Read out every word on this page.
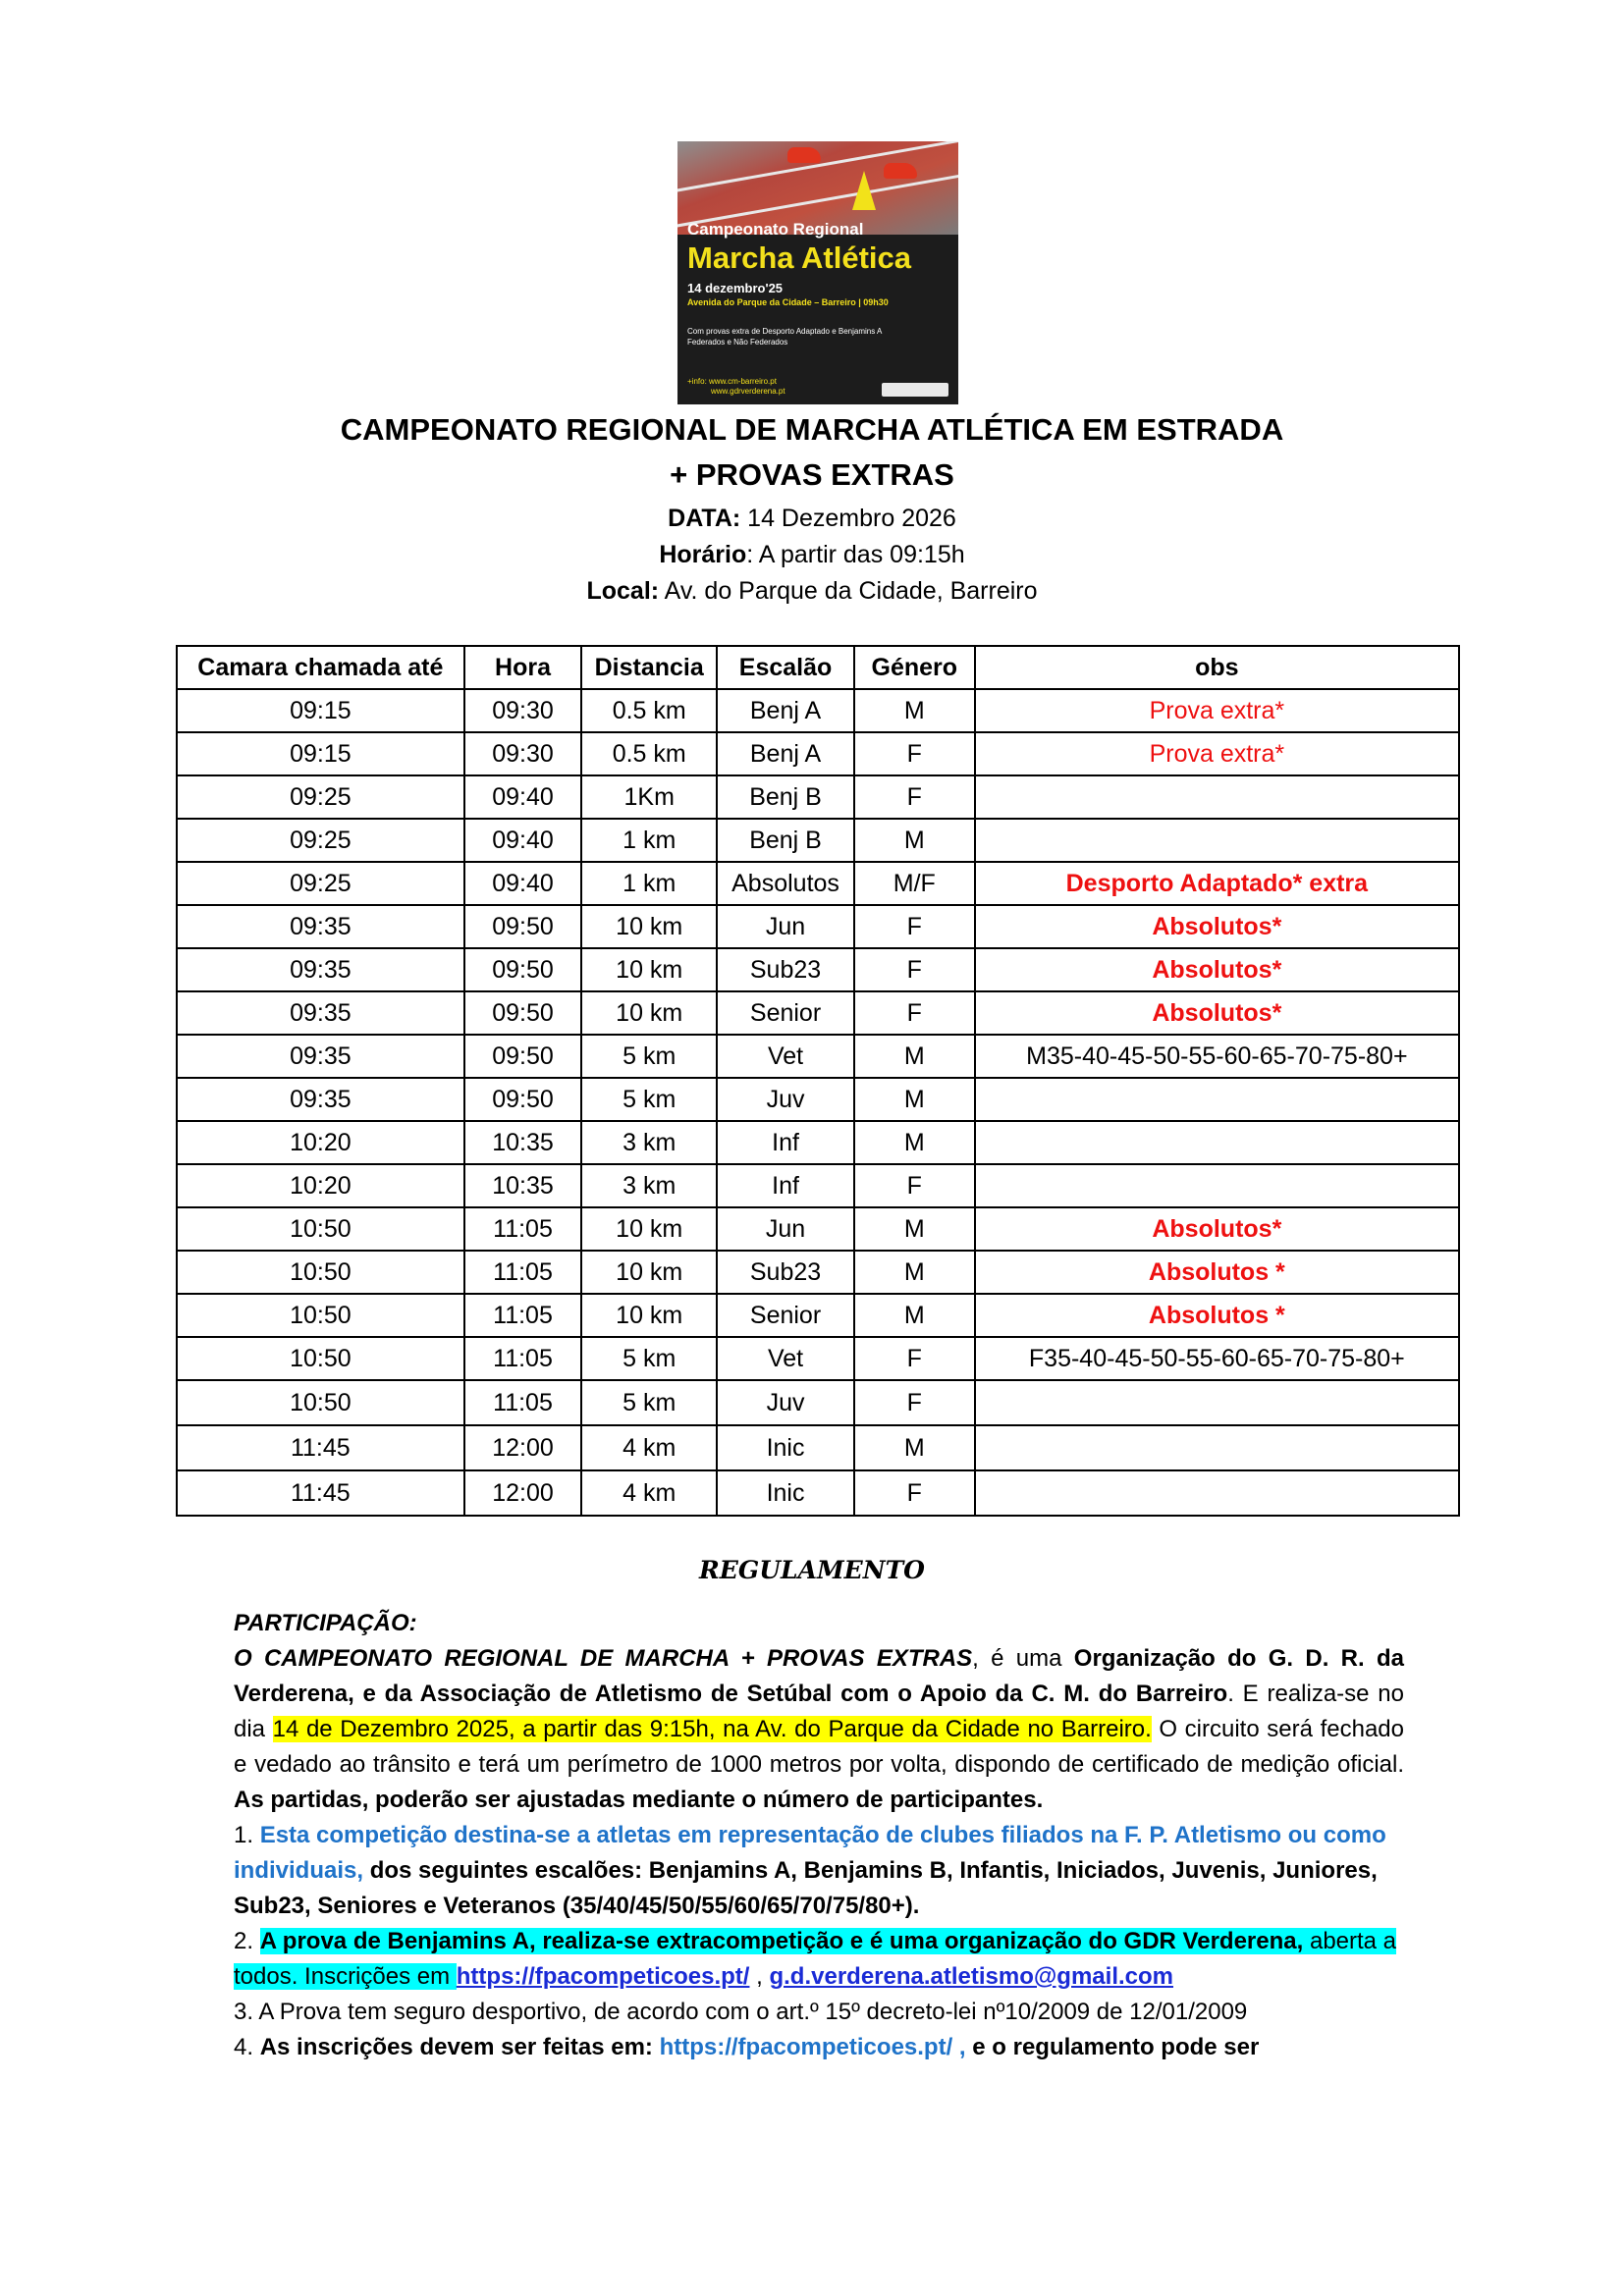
Campeonato Regional
Marcha Atlética
14 dezembro'25
Avenida do Parque da Cidade – Barreiro | 09h30
Com provas extra de Desporto Adaptado e Benjamins A Federados e Não Federados
+info: www.cm-barreiro.pt
www.gdrverderena.pt
CAMPEONATO REGIONAL DE MARCHA ATLÉTICA EM ESTRADA
+ PROVAS EXTRAS
DATA: 14 Dezembro 2026
Horário: A partir das 09:15h
Local: Av. do Parque da Cidade, Barreiro
Camara chamada até	Hora	Distancia	Escalão	Género	obs
09:15	09:30	0.5 km	Benj A	M	Prova extra*
09:15	09:30	0.5 km	Benj A	F	Prova extra*
09:25	09:40	1Km	Benj B	F	
09:25	09:40	1 km	Benj B	M	
09:25	09:40	1 km	Absolutos	M/F	Desporto Adaptado* extra
09:35	09:50	10 km	Jun	F	Absolutos*
09:35	09:50	10 km	Sub23	F	Absolutos*
09:35	09:50	10 km	Senior	F	Absolutos*
09:35	09:50	5 km	Vet	M	M35-40-45-50-55-60-65-70-75-80+
09:35	09:50	5 km	Juv	M	
10:20	10:35	3 km	Inf	M	
10:20	10:35	3 km	Inf	F	
10:50	11:05	10 km	Jun	M	Absolutos*
10:50	11:05	10 km	Sub23	M	Absolutos *
10:50	11:05	10 km	Senior	M	Absolutos *
10:50	11:05	5 km	Vet	F	F35-40-45-50-55-60-65-70-75-80+
10:50	11:05	5 km	Juv	F	
11:45	12:00	4 km	Inic	M	
11:45	12:00	4 km	Inic	F	
REGULAMENTO

PARTICIPAÇÃO:

O CAMPEONATO REGIONAL DE MARCHA + PROVAS EXTRAS, é uma Organização do G. D. R. da Verderena, e da Associação de Atletismo de Setúbal com o Apoio da C. M. do Barreiro. E realiza-se no dia 14 de Dezembro 2025, a partir das 9:15h, na Av. do Parque da Cidade no Barreiro. O circuito será fechado e vedado ao trânsito e terá um perímetro de 1000 metros por volta, dispondo de certificado de medição oficial. As partidas, poderão ser ajustadas mediante o número de participantes.

1. Esta competição destina-se a atletas em representação de clubes filiados na F. P. Atletismo ou como individuais, dos seguintes escalões: Benjamins A, Benjamins B, Infantis, Iniciados, Juvenis, Juniores, Sub23, Seniores e Veteranos (35/40/45/50/55/60/65/70/75/80+).

2. A prova de Benjamins A, realiza-se extracompetição e é uma organização do GDR Verderena, aberta a todos. Inscrições em https://fpacompeticoes.pt/ , g.d.verderena.atletismo@gmail.com

3. A Prova tem seguro desportivo, de acordo com o art.º 15º decreto-lei nº10/2009 de 12/01/2009

4. As inscrições devem ser feitas em: https://fpacompeticoes.pt/ , e o regulamento pode ser
